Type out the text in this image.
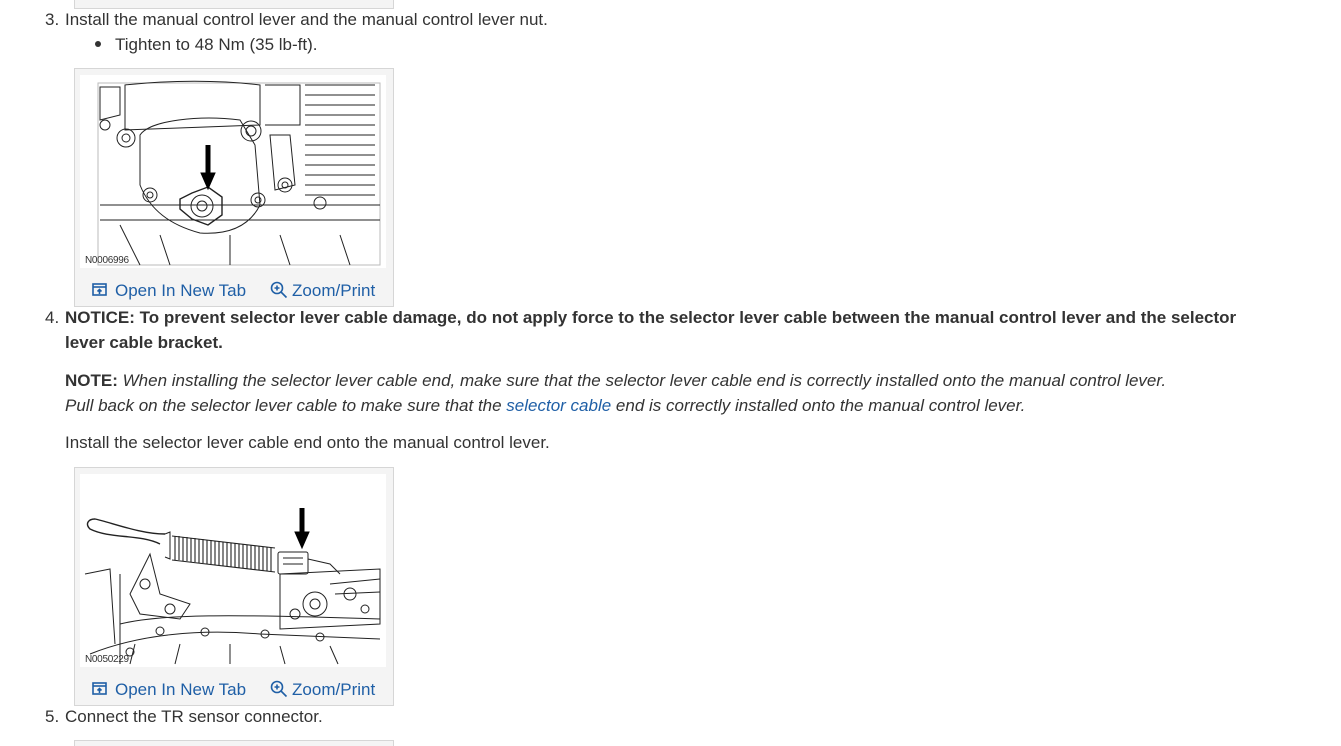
3. Install the manual control lever and the manual control lever nut.
Tighten to 48 Nm (35 lb-ft).
N0006996
Open In New Tab	Zoom/Print
4. NOTICE: To prevent selector lever cable damage, do not apply force to the selector lever cable between the manual control lever and the selector
lever cable bracket.
NOTE: When installing the selector lever cable end, make sure that the selector lever cable end is correctly installed onto the manual control lever.
Pull back on the selector lever cable to make sure that the selector cable end is correctly installed onto the manual control lever.
Install the selector lever cable end onto the manual control lever.
N0050229
Open In New Tab	Zoom/Print
5. Connect the TR sensor connector.
